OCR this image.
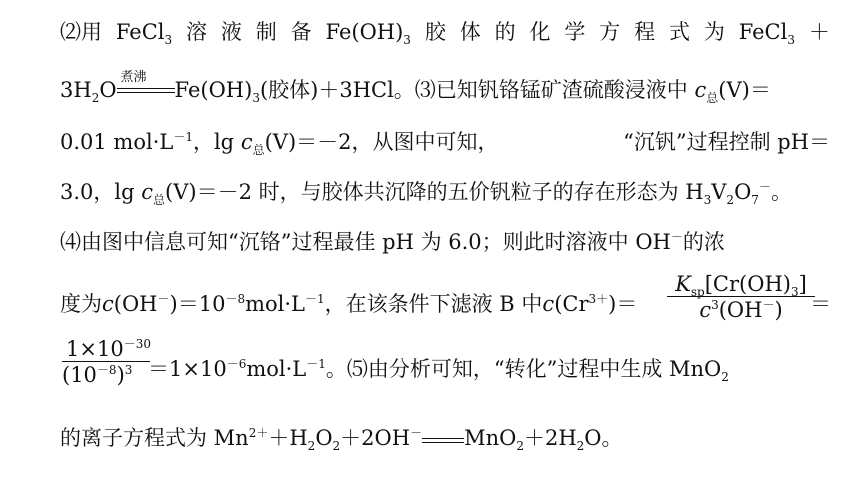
⑵用 FeCl$_3$ 溶 液 制 备 $Fe(OH)_3$ 胶 体 的 化 学 方 程 式 为 FeCl$_3$ ＋
$3H_2O$
煮沸
$Fe(OH)_3$(胶体)＋3HCl。⑶已知钒铬锰矿渣硫酸浸液中 $c_总(V)=$
0.01 $mol\cdot L^{-1}$，$\lg c_总(V)=-2$，从图中可知，	“沉钒”过程控制 pH＝
3.0，$\lg c_总(V)=-2$ 时，与胶体共沉降的五价钒粒子的存在形态为 $H_3V_2O_7^-$。
⑷由图中信息可知“沉铬”过程最佳 pH 为 6.0；则此时溶液中 OH－的浓
度为$c(OH^-)=10^{-8}mol\cdot L^{-1}$，在该条件下滤液 B 中$c(Cr^{3+})=$
$K_{sp}[Cr(OH)_3]$
$c^3(OH^-)$	＝
$\frac{1\times 10^{-30}}{(10^{-8})^3}$
$=1\times 10^{-6}mol\cdot L^{-1}$。⑸由分析可知，“转化”过程中生成 MnO$_2$
的离子方程式为 $Mn^{2+}+H_2O_2+2OH^-$ $MnO_2+2H_2O$。
